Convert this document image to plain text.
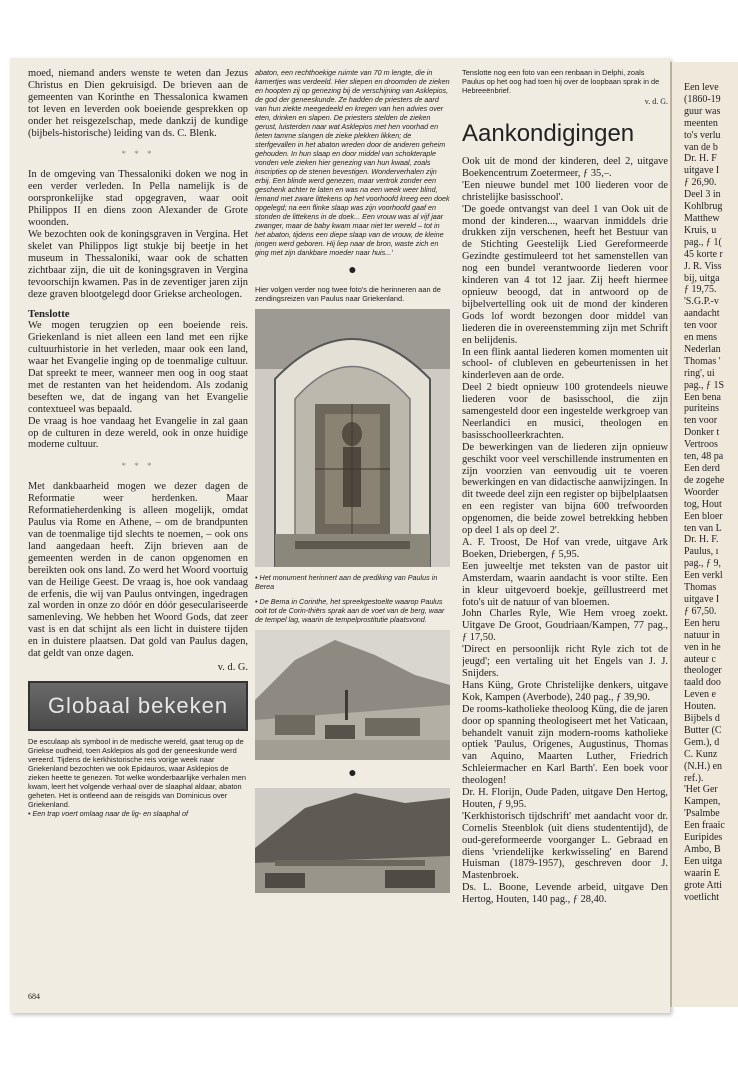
moed, niemand anders wenste te weten dan Jezus Christus en Dien gekruisigd. De brieven aan de gemeenten van Korinthe en Thessalonica kwamen tot leven en leverden ook boeiende gesprekken op onder het reisgezelschap, mede dankzij de kundige (bijbels-historische) leiding van ds. C. Blenk.

* * *

In de omgeving van Thessaloniki doken we nog in een verder verleden. In Pella namelijk is de oorspronkelijke stad opgegraven, waar ooit Philippos II en diens zoon Alexander de Grote woonden.

We bezochten ook de koningsgraven in Vergina. Het skelet van Philippos ligt stukje bij beetje in het museum in Thessaloniki, waar ook de schatten zichtbaar zijn, die uit de koningsgraven in Vergina tevoorschijn kwamen. Pas in de zeventiger jaren zijn deze graven blootgelegd door Griekse archeologen.

Tenslotte

We mogen terugzien op een boeiende reis. Griekenland is niet alleen een land met een rijke cultuurhistorie in het verleden, maar ook een land, waar het Evangelie inging op de toenmalige cultuur. Dat spreekt te meer, wanneer men oog in oog staat met de restanten van het heidendom. Als zodanig beseften we, dat de ingang van het Evangelie contextueel was bepaald.

De vraag is hoe vandaag het Evangelie in zal gaan op de culturen in deze wereld, ook in onze huidige moderne cultuur.

* * *

Met dankbaarheid mogen we dezer dagen de Reformatie weer herdenken. Maar Reformatieherdenking is alleen mogelijk, omdat Paulus via Rome en Athene, – om de brandpunten van de toenmalige tijd slechts te noemen, – ook ons land aangedaan heeft. Zijn brieven aan de gemeenten werden in de canon opgenomen en bereikten ook ons land. Zo werd het Woord voortuig van de Heilige Geest. De vraag is, hoe ook vandaag de erfenis, die wij van Paulus ontvingen, ingedragen zal worden in onze zo dóór en dóór geseculariseerde samenleving. We hebben het Woord Gods, dat zeer vast is en dat schijnt als een licht in duistere tijden en in duistere plaatsen. Dat gold van Paulus dagen, dat geldt van onze dagen.

v. d. G.
Globaal bekeken

De esculaap als symbool in de medische wereld, gaat terug op de Griekse oudheid, toen Asklepios als god der geneeskunde werd vereerd. Tijdens de kerkhistorische reis vorige week naar Griekenland bezochten we ook Epidauros, waar Asklepios de zieken heette te genezen. Tot welke wonderbaarlijke verhalen men kwam, leert het volgende verhaal over de slaaphal aldaar, abaton geheten. Het is ontleend aan de reisgids van Dominicus over Griekenland.

• Een trap voert omlaag naar de lig- en slaaphal of

abaton, een rechthoekige ruimte van 70 m lengte, die in kamertjes was verdeeld. Hier sliepen en droomden de zieken en hoopten zij op genezing bij de verschijning van Asklepios, de god der geneeskunde. Ze hadden de priesters de aard van hun ziekte meegedeeld en kregen van hen advies over eten, drinken en slapen. De priesters stelden de zieken gerust, luisterden naar wat Asklepios met hen voorhad en lieten tamme slangen de zieke plekken likken; de sterfgevallen in het abaton wreden door de anderen geheim gehouden. In hun slaap en door middel van schokteraple vonden vele zieken hier genezing van hun kwaal, zoals inscripties op de stenen bevestigen. Wonderverhalen zijn erbij. Een blinde werd genezen, maar vertrok zonder een geschenk achter te laten en was na een week weer blind, lemand met zware littekens op het voorhoofd kreeg een doek opgelegd; na een flinke slaap was zijn voorhoofd gaaf en stonden de littekens in de doek... Een vrouw was al vijf jaar zwanger, maar de baby kwam maar niet ter wereld – tot in het abaton, tijdens een diepe slaap van de vrouw, de kleine jongen werd geboren. Hij liep naar de bron, waste zich en ging met zijn dankbare moeder naar huis...'

●

Hier volgen verder nog twee foto's die herinneren aan de zendingsreizen van Paulus naar Griekenland.

• Het monument herinnert aan de prediking van Paulus in Berea

• De Bema in Corinthe, het spreekgestoelte waarop Paulus ooit tot de Corin-thiërs sprak aan de voet van de berg, waar de tempel lag, waarin de tempelprostitutie plaatsvond.

●

Tenslotte nog een foto van een renbaan in Delphi, zoals Paulus op het oog had toen hij over de loopbaan sprak in de Hebreeënbrief.

v. d. G.
Aankondigingen

Ook uit de mond der kinderen, deel 2, uitgave Boekencentrum Zoetermeer, ƒ 35,–.

'Een nieuwe bundel met 100 liederen voor de christelijke basisschool'.

'De goede ontvangst van deel 1 van Ook uit de mond der kinderen..., waarvan inmiddels drie drukken zijn verschenen, heeft het Bestuur van de Stichting Geestelijk Lied Gereformeerde Gezindte gestimuleerd tot het samenstellen van nog een bundel verantwoorde liederen voor kinderen van 4 tot 12 jaar. Zij heeft hiermee opnieuw beoogd, dat in antwoord op de bijbelvertelling ook uit de mond der kinderen Gods lof wordt bezongen door middel van liederen die in overeenstemming zijn met Schrift en belijdenis.

In een flink aantal liederen komen momenten uit school- of clubleven en gebeurtenissen in het kinderleven aan de orde.

Deel 2 biedt opnieuw 100 grotendeels nieuwe liederen voor de basisschool, die zijn samengesteld door een ingestelde werkgroep van Neerlandici en musici, theologen en basisschoolleerkrachten.

De bewerkingen van de liederen zijn opnieuw geschikt voor veel verschillende instrumenten en zijn voorzien van eenvoudig uit te voeren bewerkingen en van didactische aanwijzingen. In dit tweede deel zijn een register op bijbelplaatsen en een register van bijna 600 trefwoorden opgenomen, die beide zowel betrekking hebben op deel 1 als op deel 2'.

A. F. Troost, De Hof van vrede, uitgave Ark Boeken, Driebergen, ƒ 5,95.

Een juweeltje met teksten van de pastor uit Amsterdam, waarin aandacht is voor stilte. Een in kleur uitgevoerd boekje, geïllustreerd met foto's uit de natuur of van bloemen.

John Charles Ryle, Wie Hem vroeg zoekt. Uitgave De Groot, Goudriaan/Kampen, 77 pag., ƒ 17,50.

'Direct en persoonlijk richt Ryle zich tot de jeugd'; een vertaling uit het Engels van J. J. Snijders.

Hans Küng, Grote Christelijke denkers, uitgave Kok, Kampen (Averbode), 240 pag., ƒ 39,90.

De rooms-katholieke theoloog Küng, die de jaren door op spanning theologiseert met het Vaticaan, behandelt vanuit zijn modern-rooms katholieke optiek 'Paulus, Origenes, Augustinus, Thomas van Aquino, Maarten Luther, Friedrich Schleiermacher en Karl Barth'. Een boek voor theologen!

Dr. H. Florijn, Oude Paden, uitgave Den Hertog, Houten, ƒ 9,95.

'Kerkhistorisch tijdschrift' met aandacht voor dr. Cornelis Steenblok (uit diens studententijd), de oud-gereformeerde voorganger L. Gebraad en diens 'vriendelijke kerkwisseling' en Barend Huisman (1879-1957), geschreven door J. Mastenbroek.

Ds. L. Boone, Levende arbeid, uitgave Den Hertog, Houten, 140 pag., ƒ 28,40.

684

Een leve

(1860-19

guur was

meenten

to's verlu

van de b

Dr. H. F

uitgave I

ƒ 26,90.

Deel 3 in

Kohlbrug

Matthew

Kruis, u

pag., ƒ 1(

45 korte r

J. R. Viss

bij, uitga

ƒ 19,75.

'S.G.P.-v

aandacht

ten voor

en mens

Nederlan

Thomas '

ring', ui

pag., ƒ 1S

Een bena

puriteins

ten voor

Donker t

Vertroos

ten, 48 pa

Een derd

de zogehe

Woorder

tog, Hout

Een bloer

ten van L

Dr. H. F.

Paulus, ı

pag., ƒ 9,

Een verkl

Thomas

uitgave I

ƒ 67,50.

Een heru

natuur in

ven in he

auteur c

theologer

taald doo

Leven e

Houten.

Bijbels d

Butter (C

Gem.), d

C. Kunz

(N.H.) en

ref.).

'Het Ger

Kampen,

'Psalmbe

Een fraaic

Euripides

Ambo, B

Een uitga

waarin E

grote Atti

voetlicht
